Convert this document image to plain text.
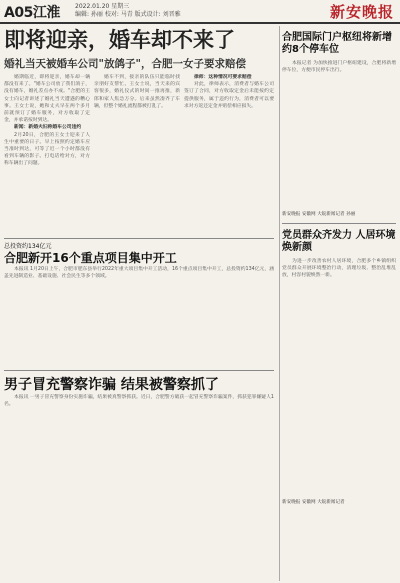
A05江淮	2022.01.20 星期三
编辑: 孙丽 校对: 马青 版式设计: 刘晋雅	新安晚报
即将迎亲，婚车却不来了
婚礼当天被婚车公司"放鸽子"，合肥一女子要求赔偿

婚期临近，即将迎亲，婚车却一辆都没有来了。"婚车公司放了我们鸽子，没有婚车，婚礼差点办不成。"合肥的王女士向记者讲述了婚礼当天遭遇的糟心事。王女士说，她和丈夫早在两个多月前就预订了婚车服务，对方收取了定金，并承诺按时到达。

新闻：新婚夫妇称婚车公司违约

2月20日，合肥的王女士迎来了人生中重要的日子。早上按照约定婚车应当准时到达，可等了近一个小时都没有看到车辆的影子。打电话给对方，对方称车辆出了问题。

婚车不到，接亲的队伍只能临时找亲朋好友帮忙。王女士说，当天来的宾客很多，婚礼仪式的时间一推再推，新郎和家人焦急万分。后来虽然凑齐了车辆，但整个婚礼流程都被打乱了。

律师：这种情况可要求赔偿

对此，律师表示，消费者与婚车公司签订了合同，对方收取定金后未能按约定提供服务，属于违约行为，消费者可以要求对方返还定金并赔偿相应损失。

总投资约134亿元
合肥新开16个重点项目集中开工

本报讯 1月20日上午，合肥市肥东县举行2022年重大项目集中开工活动，16个重点项目集中开工，总投资约134亿元，涵盖先进制造业、基础设施、社会民生等多个领域。

男子冒充警察诈骗 结果被警察抓了

本报讯 一男子冒充警察身份实施诈骗，结果被真警察抓获。近日，合肥警方破获一起冒充警察诈骗案件，抓获犯罪嫌疑人1名。

合肥国际门户枢纽将新增约8个停车位

本报记者 为加快推进门户枢纽建设，合肥将新增停车位，方便市民停车出行。

新安晚报 安徽网 大皖新闻记者 孙丽
党员群众齐发力 人居环境焕新颜

为进一步改善农村人居环境，合肥多个乡镇组织党员群众开展环境整治行动，清理垃圾、整治乱堆乱放，村容村貌焕然一新。

新安晚报 安徽网 大皖新闻记者
